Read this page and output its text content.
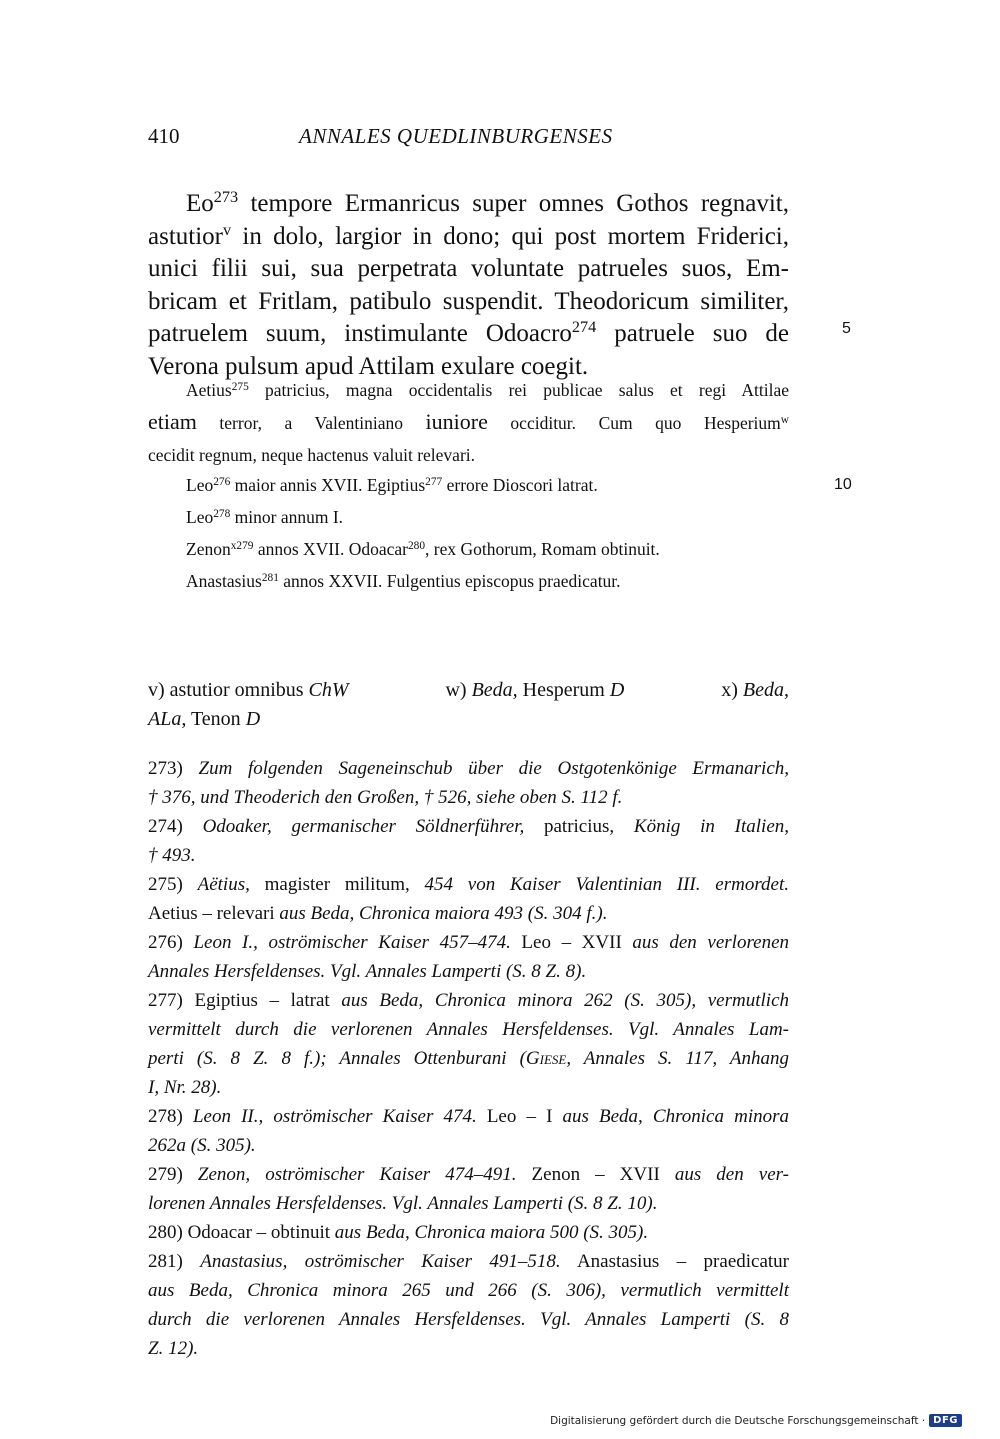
410	ANNALES QUEDLINBURGENSES
Eo$^{273}$ tempore Ermanricus super omnes Gothos regnavit,
astutior$^v$ in dolo, largior in dono; qui post mortem Friderici,
unici filii sui, sua perpetrata voluntate patrueles suos, Em-
bricam et Fritlam, patibulo suspendit. Theodoricum similiter,
patruelem suum, instimulante Odoacro$^{274}$ patruele suo de
Verona pulsum apud Attilam exulare coegit.
5
10
Aetius$^{275}$ patricius, magna occidentalis rei publicae salus et regi Attilae
etiam terror, a Valentiniano iuniore occiditur. Cum quo Hesperium$^w$
cecidit regnum, neque hactenus valuit relevari.
Leo$^{276}$ maior annis XVII. Egiptius$^{277}$ errore Dioscori latrat.
Leo$^{278}$ minor annum I.
Zenon$^{x279}$ annos XVII. Odoacar$^{280}$, rex Gothorum, Romam obtinuit.
Anastasius$^{281}$ annos XXVII. Fulgentius episcopus praedicatur.
v) astutior omnibus ChW	w) Beda, Hesperum D	x) Beda,
ALa, Tenon D
273) Zum folgenden Sageneinschub über die Ostgotenkönige Ermanarich,
† 376, und Theoderich den Großen, † 526, siehe oben S. 112 f.
274) Odoaker, germanischer Söldnerführer, patricius, König in Italien,
† 493.
275) Aëtius, magister militum, 454 von Kaiser Valentinian III. ermordet.
Aetius – relevari aus Beda, Chronica maiora 493 (S. 304 f.).
276) Leon I., oströmischer Kaiser 457–474. Leo – XVII aus den verlorenen
Annales Hersfeldenses. Vgl. Annales Lamperti (S. 8 Z. 8).
277) Egiptius – latrat aus Beda, Chronica minora 262 (S. 305), vermutlich
vermittelt durch die verlorenen Annales Hersfeldenses. Vgl. Annales Lam-
perti (S. 8 Z. 8 f.); Annales Ottenburani (Giese, Annales S. 117, Anhang
I, Nr. 28).
278) Leon II., oströmischer Kaiser 474. Leo – I aus Beda, Chronica minora
262a (S. 305).
279) Zenon, oströmischer Kaiser 474–491. Zenon – XVII aus den ver-
lorenen Annales Hersfeldenses. Vgl. Annales Lamperti (S. 8 Z. 10).
280) Odoacar – obtinuit aus Beda, Chronica maiora 500 (S. 305).
281) Anastasius, oströmischer Kaiser 491–518. Anastasius – praedicatur
aus Beda, Chronica minora 265 und 266 (S. 306), vermutlich vermittelt
durch die verlorenen Annales Hersfeldenses. Vgl. Annales Lamperti (S. 8
Z. 12).
Digitalisierung gefördert durch die Deutsche Forschungsgemeinschaft · DFG
